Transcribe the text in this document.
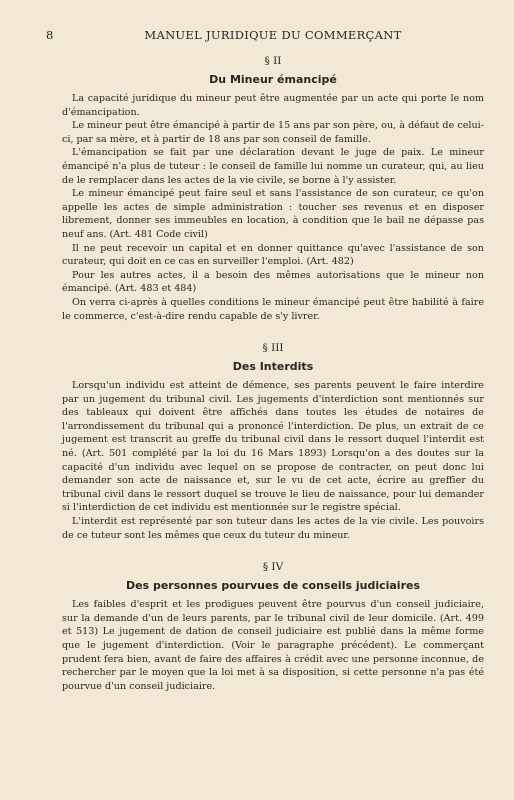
8	MANUEL JURIDIQUE DU COMMERÇANT
§ II
Du Mineur émancipé

La capacité juridique du mineur peut être augmentée par un acte qui porte le nom d'émancipation.

Le mineur peut être émancipé à partir de 15 ans par son père, ou, à défaut de celui-ci, par sa mère, et à partir de 18 ans par son conseil de famille.

L'émancipation se fait par une déclaration devant le juge de paix. Le mineur émancipé n'a plus de tuteur : le conseil de famille lui nomme un curateur, qui, au lieu de le remplacer dans les actes de la vie civile, se borne à l'y assister.

Le mineur émancipé peut faire seul et sans l'assistance de son curateur, ce qu'on appelle les actes de simple administration : toucher ses revenus et en disposer librement, donner ses immeubles en location, à condition que le bail ne dépasse pas neuf ans. (Art. 481 Code civil)

Il ne peut recevoir un capital et en donner quittance qu'avec l'assistance de son curateur, qui doit en ce cas en surveiller l'emploi. (Art. 482)

Pour les autres actes, il a besoin des mêmes autorisations que le mineur non émancipé. (Art. 483 et 484)

On verra ci-après à quelles conditions le mineur émancipé peut être habilité à faire le commerce, c'est-à-dire rendu capable de s'y livrer.

§ III
Des Interdits

Lorsqu'un individu est atteint de démence, ses parents peuvent le faire interdire par un jugement du tribunal civil. Les jugements d'interdiction sont mentionnés sur des tableaux qui doivent être affichés dans toutes les études de notaires de l'arrondissement du tribunal qui a prononcé l'interdiction. De plus, un extrait de ce jugement est transcrit au greffe du tribunal civil dans le ressort duquel l'interdit est né. (Art. 501 complété par la loi du 16 Mars 1893) Lorsqu'on a des doutes sur la capacité d'un individu avec lequel on se propose de contracter, on peut donc lui demander son acte de naissance et, sur le vu de cet acte, écrire au greffier du tribunal civil dans le ressort duquel se trouve le lieu de naissance, pour lui demander si l'interdiction de cet individu est mentionnée sur le registre spécial.

L'interdit est représenté par son tuteur dans les actes de la vie civile. Les pouvoirs de ce tuteur sont les mêmes que ceux du tuteur du mineur.

§ IV
Des personnes pourvues de conseils judiciaires

Les faibles d'esprit et les prodigues peuvent être pourvus d'un conseil judiciaire, sur la demande d'un de leurs parents, par le tribunal civil de leur domicile. (Art. 499 et 513) Le jugement de dation de conseil judiciaire est publié dans la même forme que le jugement d'interdiction. (Voir le paragraphe précédent). Le commerçant prudent fera bien, avant de faire des affaires à crédit avec une personne inconnue, de rechercher par le moyen que la loi met à sa disposition, si cette personne n'a pas été pourvue d'un conseil judiciaire.
